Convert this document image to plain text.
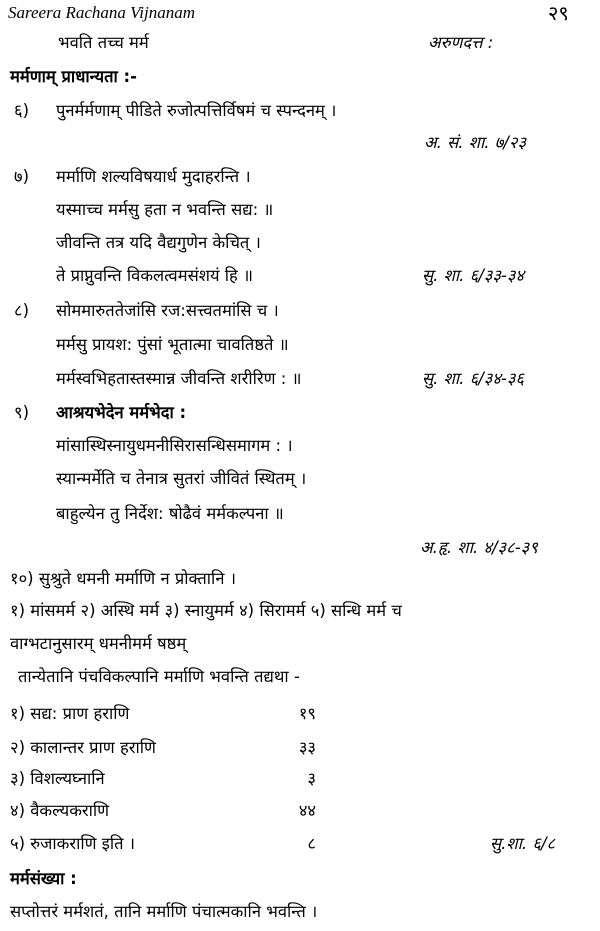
Sareera Rachana Vijnanam	२९
भवति तच्च मर्म	अरुणदत्त :
मर्मणाम् प्राधान्यता :-
६) पुनर्मर्मणाम् पीडिते रुजोत्पत्तिर्विषमं च स्पन्दनम् ।
अ. सं. शा. ७/२३
७) मर्माणि शल्यविषयार्ध मुदाहरन्ति ।
यस्माच्च मर्मसु हता न भवन्ति सद्य: ॥
जीवन्ति तत्र यदि वैद्यगुणेन केचित् ।
ते प्राप्नुवन्ति विकलत्वमसंशयं हि ॥	सु. शा. ६/३३-३४
८) सोममारुततेजांसि रज:सत्त्वतमांसि च ।
मर्मसु प्रायश: पुंसां भूतात्मा चावतिष्ठते ॥
मर्मस्वभिहतास्तस्मान्न जीवन्ति शरीरिण : ॥	सु. शा. ६/३४-३६
९) आश्रयभेदेन मर्मभेदा :
मांसास्थिस्नायुधमनीसिरासन्धिसमागम : ।
स्यान्मर्मेति च तेनात्र सुतरां जीवितं स्थितम् ।
बाहुल्येन तु निर्देश: षोढैवं मर्मकल्पना ॥
अ.हृ. शा. ४/३८-३९
१०) सुश्रुते धमनी मर्माणि न प्रोक्तानि ।
१) मांसमर्म २) अस्थि मर्म ३) स्नायुमर्म ४) सिरामर्म ५) सन्धि मर्म च
वाग्भटानुसारम् धमनीमर्म षष्ठम्
तान्येतानि पंचविकल्पानि मर्माणि भवन्ति तद्यथा -
१) सद्य: प्राण हराणि	१९
२) कालान्तर प्राण हराणि	३३
३) विशल्यघ्नानि	३
४) वैकल्यकराणि	४४
५) रुजाकराणि इति ।	८	सु.शा. ६/८
मर्मसंख्या :
सप्तोत्तरं मर्मशतं, तानि मर्माणि पंचात्मकानि भवन्ति ।
